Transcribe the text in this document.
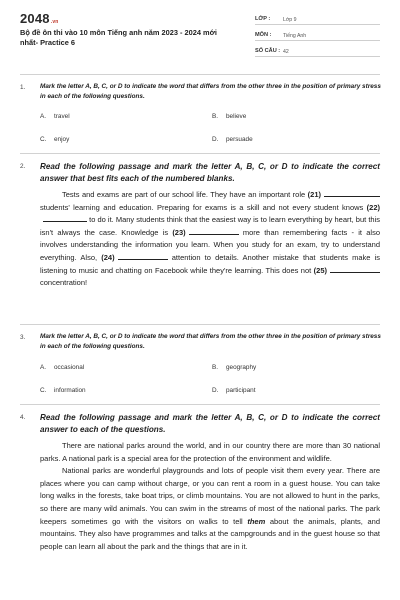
2048.vn
Bộ đề ôn thi vào 10 môn Tiếng anh năm 2023 - 2024 mới nhất- Practice 6
LỚP : Lớp 9
MÔN : Tiếng Anh
SỐ CÂU : 42
1. Mark the letter A, B, C, or D to indicate the word that differs from the other three in the position of primary stress in each of the following questions.
A. travel	B. believe
C. enjoy	D. persuade
2. Read the following passage and mark the letter A, B, C, or D to indicate the correct answer that best fits each of the numbered blanks.

Tests and exams are part of our school life. They have an important role (21) students' learning and education. Preparing for exams is a skill and not every student knows (22) to do it. Many students think that the easiest way is to learn everything by heart, but this isn't always the case. Knowledge is (23)	more than remembering facts - it also involves understanding the information you learn. When you study for an exam, try to understand everything. Also, (24)	attention to details. Another mistake that students make is listening to music and chatting on Facebook while they're learning. This does not (25) concentration!

3. Mark the letter A, B, C, or D to indicate the word that differs from the other three in the position of primary stress in each of the following questions.
A. occasional	B. geography
C. information	D. participant
4. Read the following passage and mark the letter A, B, C, or D to indicate the correct answer to each of the questions.

There are national parks around the world, and in our country there are more than 30 national parks. A national park is a special area for the protection of the environment and wildlife.

National parks are wonderful playgrounds and lots of people visit them every year. There are places where you can camp without charge, or you can rent a room in a guest house. You can take long walks in the forests, take boat trips, or climb mountains. You are not allowed to hunt in the parks, so there are many wild animals. You can swim in the streams of most of the national parks. The park keepers sometimes go with the visitors on walks to tell them about the animals, plants, and mountains. They also have programmes and talks at the campgrounds and in the guest house so that people can learn all about the park and the things that are in it.
